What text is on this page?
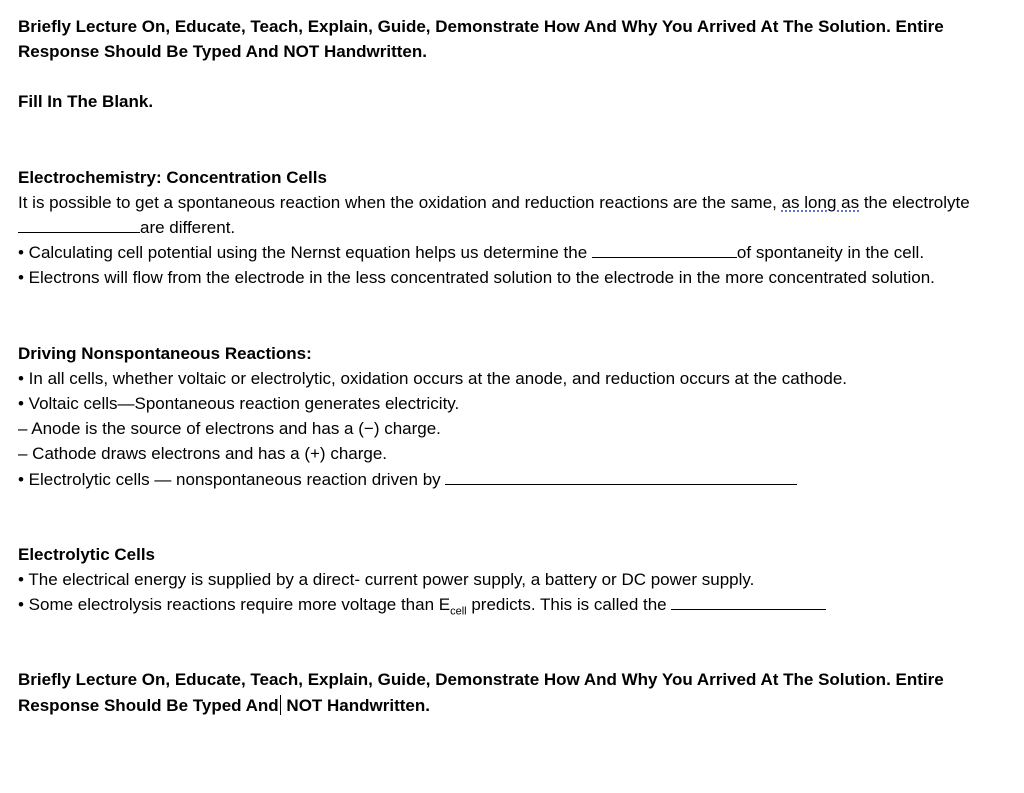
Briefly Lecture On, Educate, Teach, Explain, Guide, Demonstrate How And Why You Arrived At The Solution. Entire Response Should Be Typed And NOT Handwritten.

Fill In The Blank.

Electrochemistry: Concentration Cells

It is possible to get a spontaneous reaction when the oxidation and reduction reactions are the same, as long as the electrolyte are different.

• Calculating cell potential using the Nernst equation helps us determine the	of spontaneity in the cell.

• Electrons will flow from the electrode in the less concentrated solution to the electrode in the more concentrated solution.

Driving Nonspontaneous Reactions:

• In all cells, whether voltaic or electrolytic, oxidation occurs at the anode, and reduction occurs at the cathode.

• Voltaic cells—Spontaneous reaction generates electricity.

– Anode is the source of electrons and has a (−) charge.

– Cathode draws electrons and has a (+) charge.

• Electrolytic cells — nonspontaneous reaction driven by

Electrolytic Cells

• The electrical energy is supplied by a direct- current power supply, a battery or DC power supply.

• Some electrolysis reactions require more voltage than $E_{cell}$ predicts. This is called the

Briefly Lecture On, Educate, Teach, Explain, Guide, Demonstrate How And Why You Arrived At The Solution. Entire Response Should Be Typed And NOT Handwritten.
